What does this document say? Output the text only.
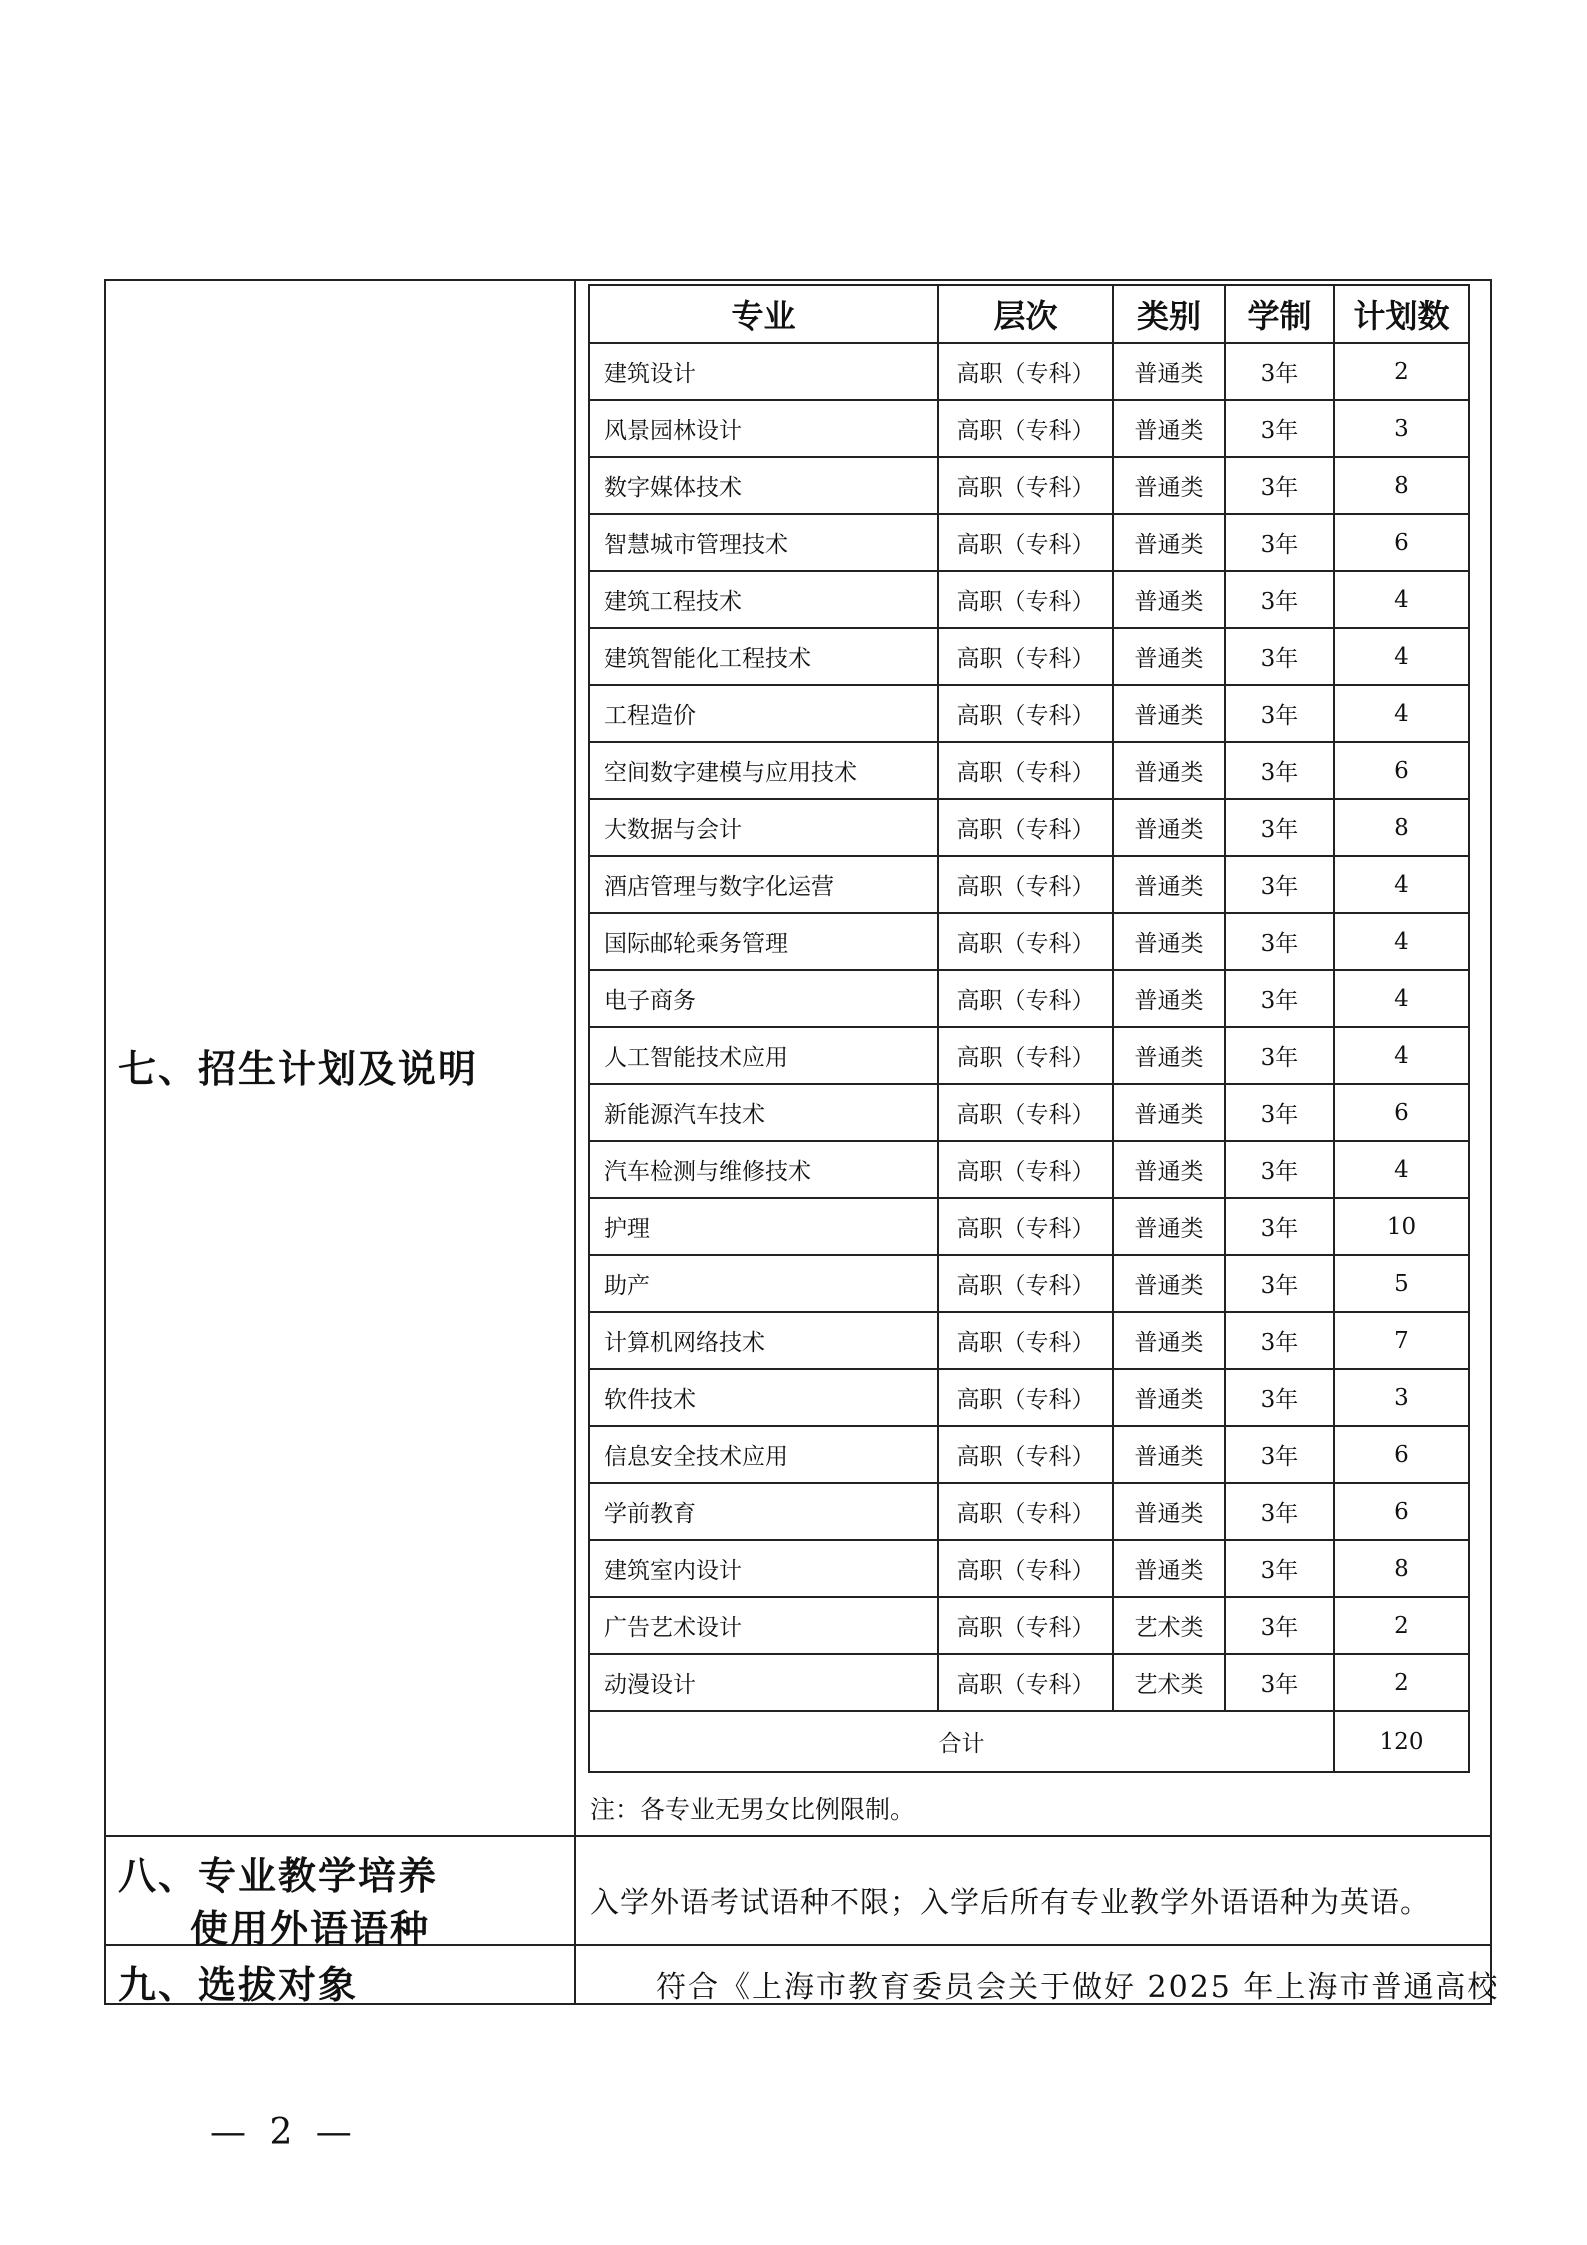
七、招生计划及说明
专业	层次	类别	学制	计划数
建筑设计	高职（专科）	普通类	3年	2
风景园林设计	高职（专科）	普通类	3年	3
数字媒体技术	高职（专科）	普通类	3年	8
智慧城市管理技术	高职（专科）	普通类	3年	6
建筑工程技术	高职（专科）	普通类	3年	4
建筑智能化工程技术	高职（专科）	普通类	3年	4
工程造价	高职（专科）	普通类	3年	4
空间数字建模与应用技术	高职（专科）	普通类	3年	6
大数据与会计	高职（专科）	普通类	3年	8
酒店管理与数字化运营	高职（专科）	普通类	3年	4
国际邮轮乘务管理	高职（专科）	普通类	3年	4
电子商务	高职（专科）	普通类	3年	4
人工智能技术应用	高职（专科）	普通类	3年	4
新能源汽车技术	高职（专科）	普通类	3年	6
汽车检测与维修技术	高职（专科）	普通类	3年	4
护理	高职（专科）	普通类	3年	10
助产	高职（专科）	普通类	3年	5
计算机网络技术	高职（专科）	普通类	3年	7
软件技术	高职（专科）	普通类	3年	3
信息安全技术应用	高职（专科）	普通类	3年	6
学前教育	高职（专科）	普通类	3年	6
建筑室内设计	高职（专科）	普通类	3年	8
广告艺术设计	高职（专科）	艺术类	3年	2
动漫设计	高职（专科）	艺术类	3年	2
合计				120
注：各专业无男女比例限制。
八、专业教学培养
使用外语语种
入学外语考试语种不限；入学后所有专业教学外语语种为英语。
九、选拔对象	符合《上海市教育委员会关于做好 2025 年上海市普通高校
— 2 —
